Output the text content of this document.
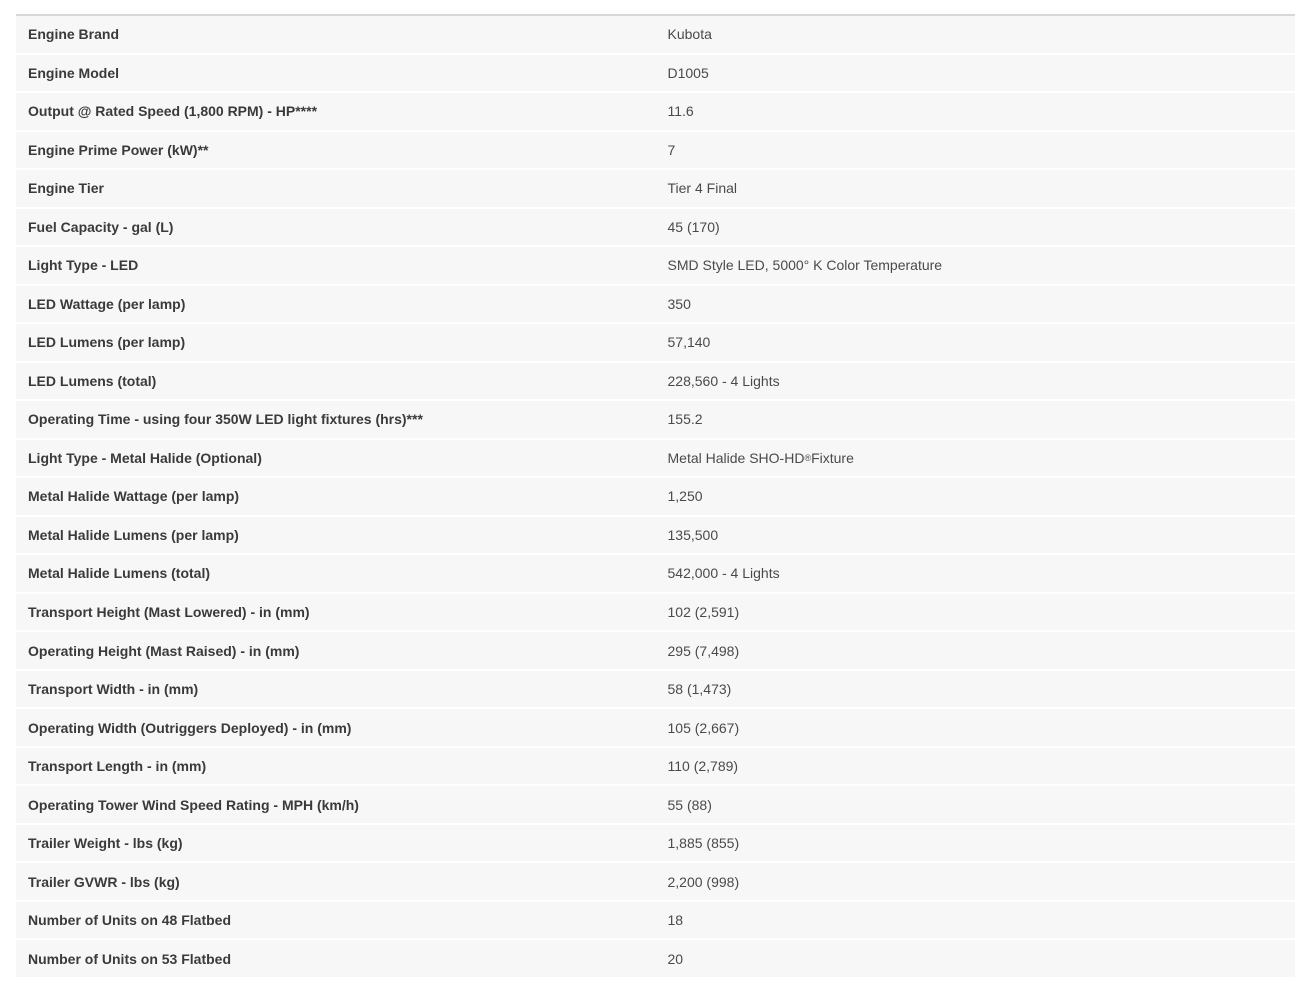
Engine Brand	Kubota
Engine Model	D1005
Output @ Rated Speed (1,800 RPM) - HP****	11.6
Engine Prime Power (kW)**	7
Engine Tier	Tier 4 Final
Fuel Capacity - gal (L)	45 (170)
Light Type - LED	SMD Style LED, 5000° K Color Temperature
LED Wattage (per lamp)	350
LED Lumens (per lamp)	57,140
LED Lumens (total)	228,560 - 4 Lights
Operating Time - using four 350W LED light fixtures (hrs)***	155.2
Light Type - Metal Halide (Optional)	Metal Halide SHO-HD ® Fixture
Metal Halide Wattage (per lamp)	1,250
Metal Halide Lumens (per lamp)	135,500
Metal Halide Lumens (total)	542,000 - 4 Lights
Transport Height (Mast Lowered) - in (mm)	102 (2,591)
Operating Height (Mast Raised) - in (mm)	295 (7,498)
Transport Width - in (mm)	58 (1,473)
Operating Width (Outriggers Deployed) - in (mm)	105 (2,667)
Transport Length - in (mm)	110 (2,789)
Operating Tower Wind Speed Rating - MPH (km/h)	55 (88)
Trailer Weight - lbs (kg)	1,885 (855)
Trailer GVWR - lbs (kg)	2,200 (998)
Number of Units on 48 Flatbed	18
Number of Units on 53 Flatbed	20
